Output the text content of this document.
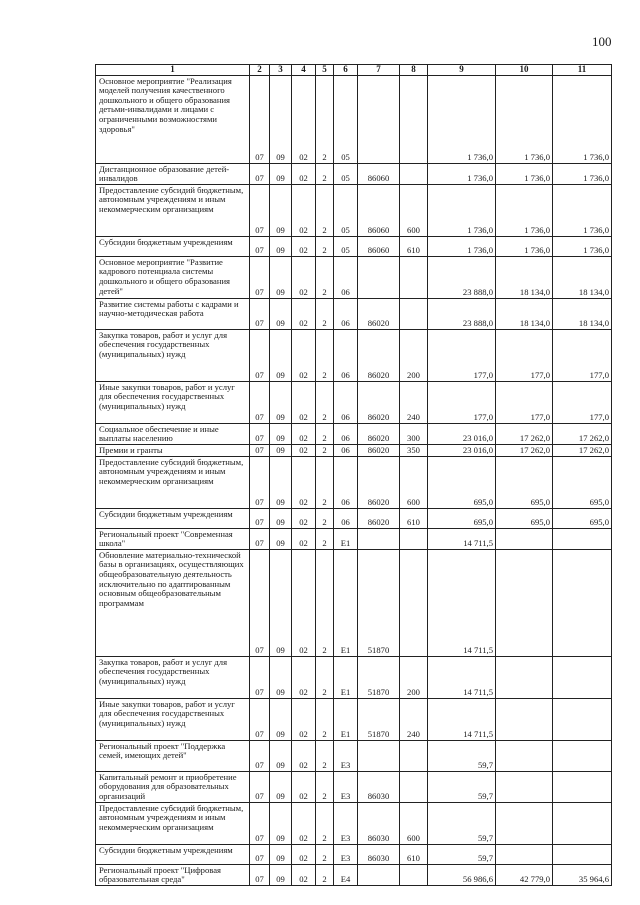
100
1	2	3	4	5	6	7	8	9	10	11
Основное мероприятие "Реализация моделей получения качественного дошкольного и общего образования детьми-инвалидами и лицами с ограниченными возможностями здоровья"	07	09	02	2	05			1 736,0	1 736,0	1 736,0
Дистанционное образование детей-инвалидов	07	09	02	2	05	86060		1 736,0	1 736,0	1 736,0
Предоставление субсидий бюджетным, автономным учреждениям и иным некоммерческим организациям	07	09	02	2	05	86060	600	1 736,0	1 736,0	1 736,0
Субсидии бюджетным учреждениям	07	09	02	2	05	86060	610	1 736,0	1 736,0	1 736,0
Основное мероприятие "Развитие кадрового потенциала системы дошкольного и общего образования детей"	07	09	02	2	06			23 888,0	18 134,0	18 134,0
Развитие системы работы с кадрами и научно-методическая работа	07	09	02	2	06	86020		23 888,0	18 134,0	18 134,0
Закупка товаров, работ и услуг для обеспечения государственных (муниципальных) нужд	07	09	02	2	06	86020	200	177,0	177,0	177,0
Иные закупки товаров, работ и услуг для обеспечения государственных (муниципальных) нужд	07	09	02	2	06	86020	240	177,0	177,0	177,0
Социальное обеспечение и иные выплаты населению	07	09	02	2	06	86020	300	23 016,0	17 262,0	17 262,0
Премии и гранты	07	09	02	2	06	86020	350	23 016,0	17 262,0	17 262,0
Предоставление субсидий бюджетным, автономным учреждениям и иным некоммерческим организациям	07	09	02	2	06	86020	600	695,0	695,0	695,0
Субсидии бюджетным учреждениям	07	09	02	2	06	86020	610	695,0	695,0	695,0
Региональный проект "Современная школа"	07	09	02	2	E1			14 711,5		
Обновление материально-технической базы в организациях, осуществляющих общеобразовательную деятельность исключительно по адаптированным основным общеобразовательным программам	07	09	02	2	E1	51870		14 711,5		
Закупка товаров, работ и услуг для обеспечения государственных (муниципальных) нужд	07	09	02	2	E1	51870	200	14 711,5		
Иные закупки товаров, работ и услуг для обеспечения государственных (муниципальных) нужд	07	09	02	2	E1	51870	240	14 711,5		
Региональный проект "Поддержка семей, имеющих детей"	07	09	02	2	E3			59,7		
Капитальный ремонт и приобретение оборудования для образовательных организаций	07	09	02	2	E3	86030		59,7		
Предоставление субсидий бюджетным, автономным учреждениям и иным некоммерческим организациям	07	09	02	2	E3	86030	600	59,7		
Субсидии бюджетным учреждениям	07	09	02	2	E3	86030	610	59,7		
Региональный проект "Цифровая образовательная среда"	07	09	02	2	E4			56 986,6	42 779,0	35 964,6
